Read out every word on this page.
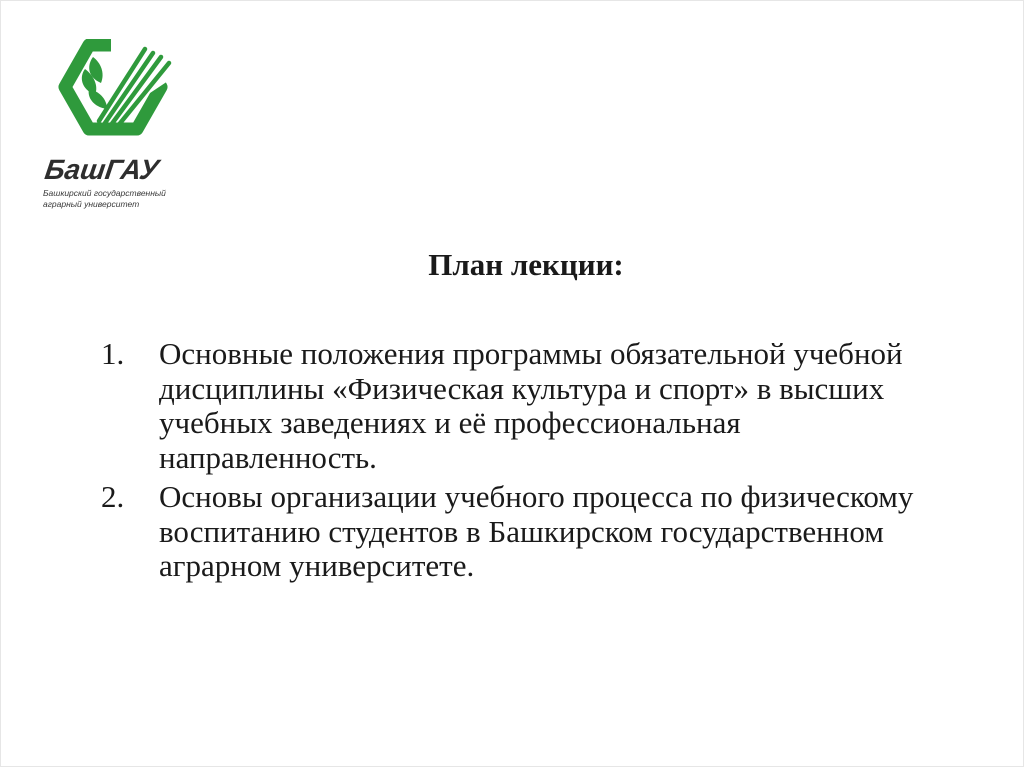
БашГАУ
Башкирский государственный
аграрный университет
План лекции:
1. Основные положения программы обязательной учебной дисциплины «Физическая культура и спорт» в высших учебных заведениях и её профессиональная направленность.
2. Основы организации учебного процесса по физическому воспитанию студентов в Башкирском государственном аграрном университете.
